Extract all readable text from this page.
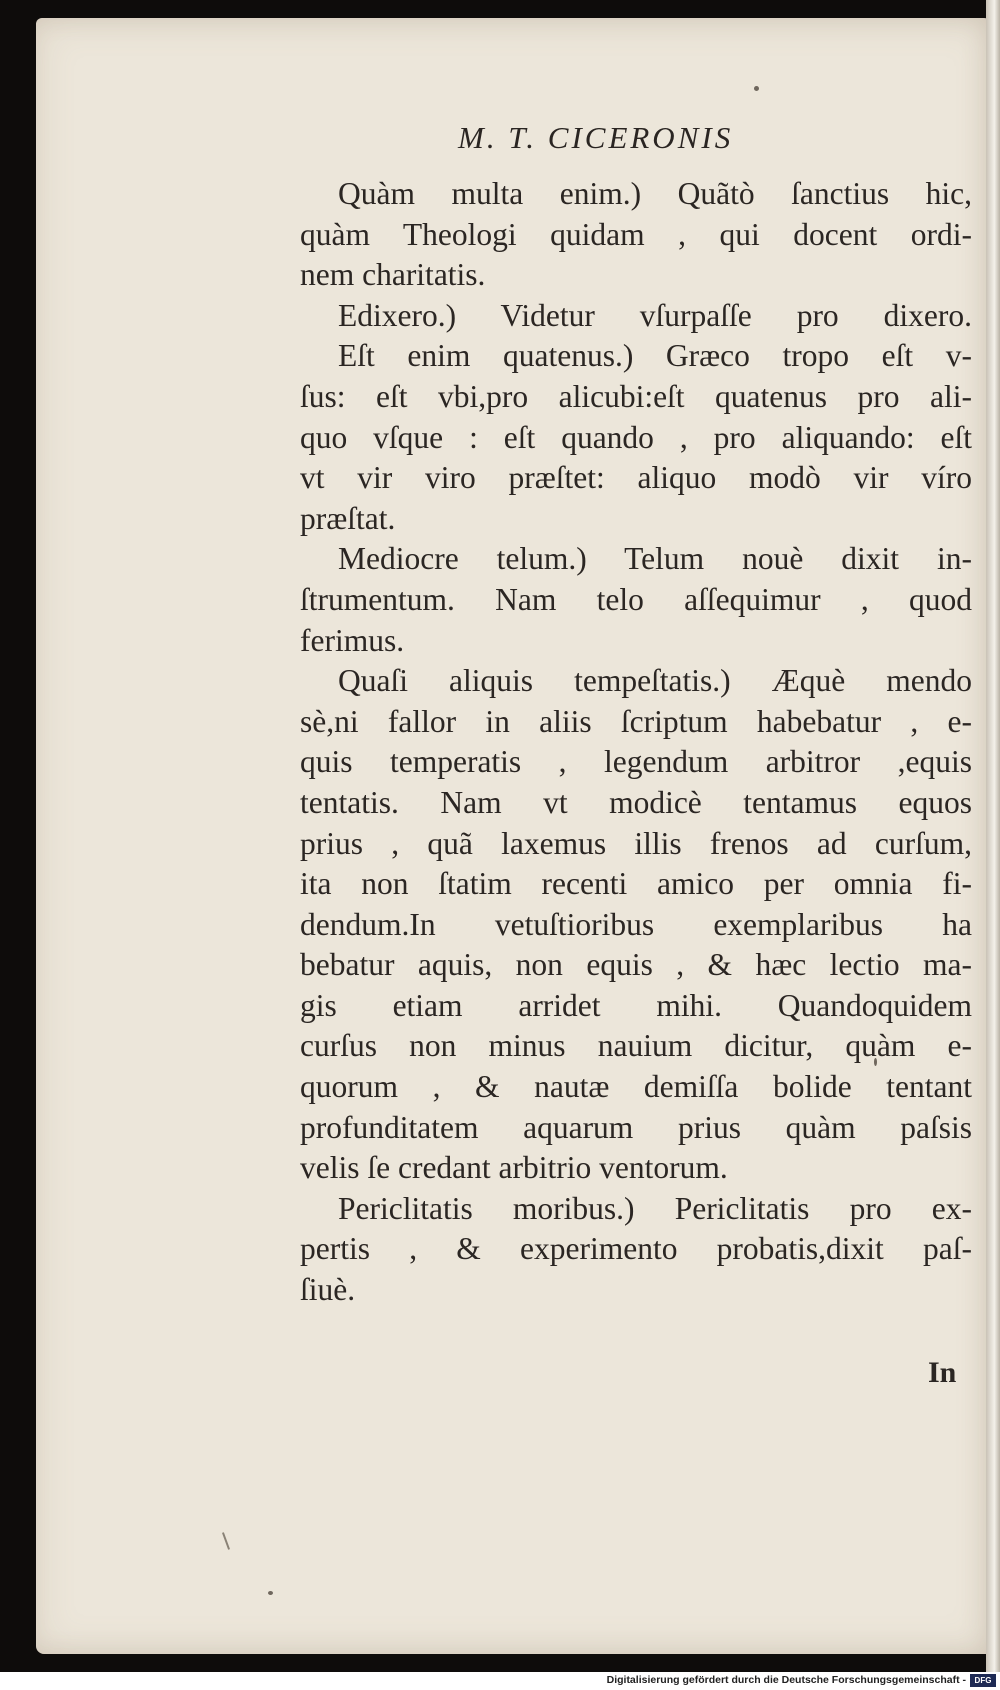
M. T. CICERONIS
Quàm multa enim.) Quãtò ſanctius hic,
quàm Theologi quidam , qui docent ordi-
nem charitatis.
Edixero.) Videtur vſurpaſſe pro dixero.
Eſt enim quatenus.) Græco tropo eſt v-
ſus: eſt vbi,pro alicubi:eſt quatenus pro ali-
quo vſque : eſt quando , pro aliquando: eſt
vt vir viro præſtet: aliquo modò vir víro
præſtat.
Mediocre telum.) Telum nouè dixit in-
ſtrumentum. Nam telo aſſequimur , quod
ferimus.
Quaſi aliquis tempeſtatis.) Æquè mendo
sè,ni fallor in aliis ſcriptum habebatur , e-
quis temperatis , legendum arbitror ,equis
tentatis. Nam vt modicè tentamus equos
prius , quã laxemus illis frenos ad curſum,
ita non ſtatim recenti amico per omnia fi-
dendum.In vetuſtioribus exemplaribus ha
bebatur aquis, non equis , & hæc lectio ma-
gis etiam arridet mihi. Quandoquidem
curſus non minus nauium dicitur, quàm e-
quorum , & nautæ demiſſa bolide tentant
profunditatem aquarum prius quàm paſsis
velis ſe credant arbitrio ventorum.
Periclitatis moribus.) Periclitatis pro ex-
pertis , & experimento probatis,dixit paſ-
ſiuè.
In
Digitalisierung gefördert durch die Deutsche Forschungsgemeinschaft -	DFG
